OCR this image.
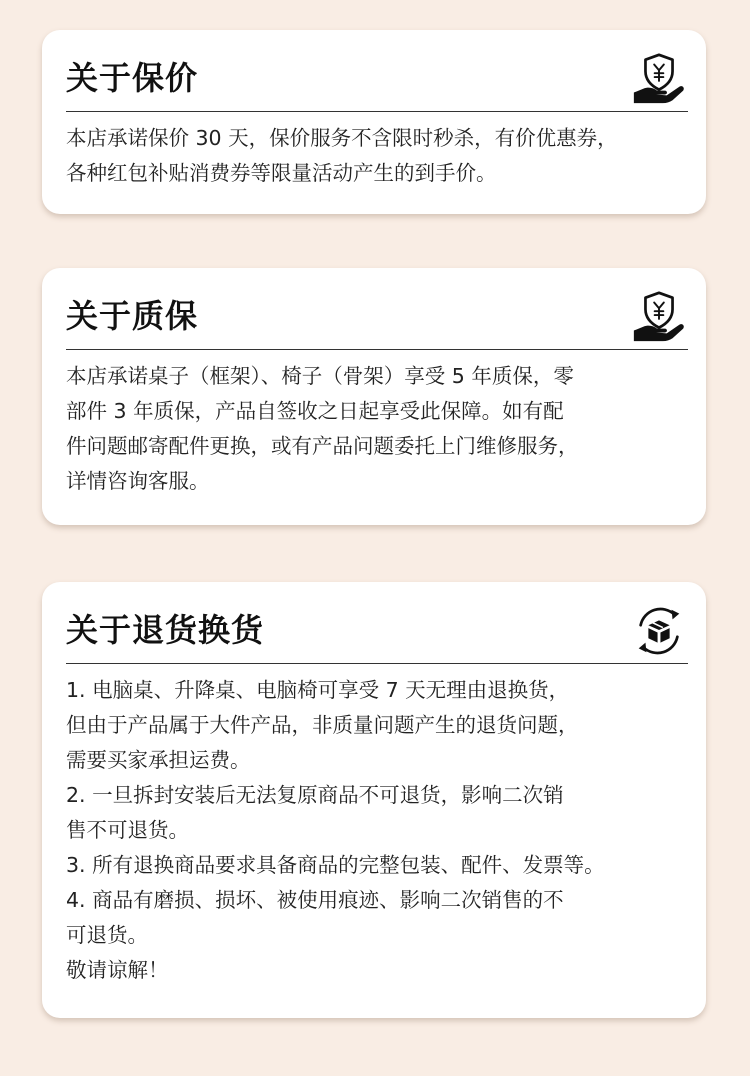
关于保价

本店承诺保价 30 天，保价服务不含限时秒杀，有价优惠券，

各种红包补贴消费券等限量活动产生的到手价。

关于质保

本店承诺桌子（框架）、椅子（骨架）享受 5 年质保，零

部件 3 年质保，产品自签收之日起享受此保障。如有配

件问题邮寄配件更换，或有产品问题委托上门维修服务，

详情咨询客服。

关于退货换货

1. 电脑桌、升降桌、电脑椅可享受 7 天无理由退换货，

但由于产品属于大件产品，非质量问题产生的退货问题，

需要买家承担运费。

2. 一旦拆封安装后无法复原商品不可退货，影响二次销

售不可退货。

3. 所有退换商品要求具备商品的完整包装、配件、发票等。

4. 商品有磨损、损坏、被使用痕迹、影响二次销售的不

可退货。

敬请谅解！
